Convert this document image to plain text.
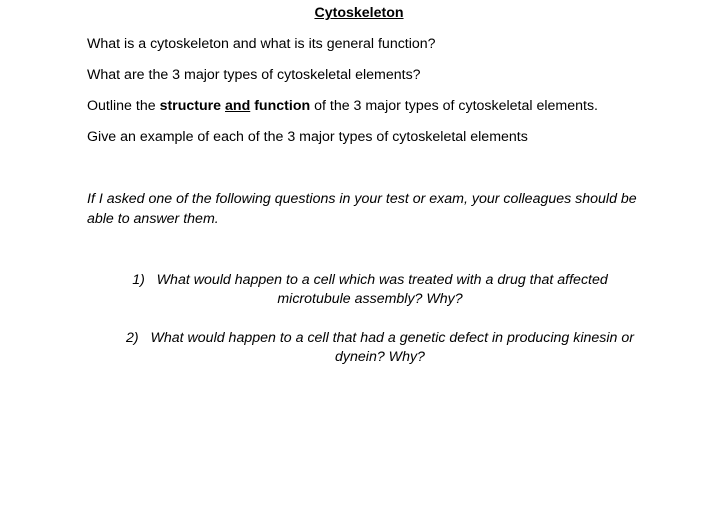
Cytoskeleton
What is a cytoskeleton and what is its general function?
What are the 3 major types of cytoskeletal elements?
Outline the structure and function of the 3 major types of cytoskeletal elements.
Give an example of each of the 3 major types of cytoskeletal elements
If I asked one of the following questions in your test or exam, your colleagues should be able to answer them.
1) What would happen to a cell which was treated with a drug that affected
microtubule assembly? Why?
2) What would happen to a cell that had a genetic defect in producing kinesin or
dynein? Why?
